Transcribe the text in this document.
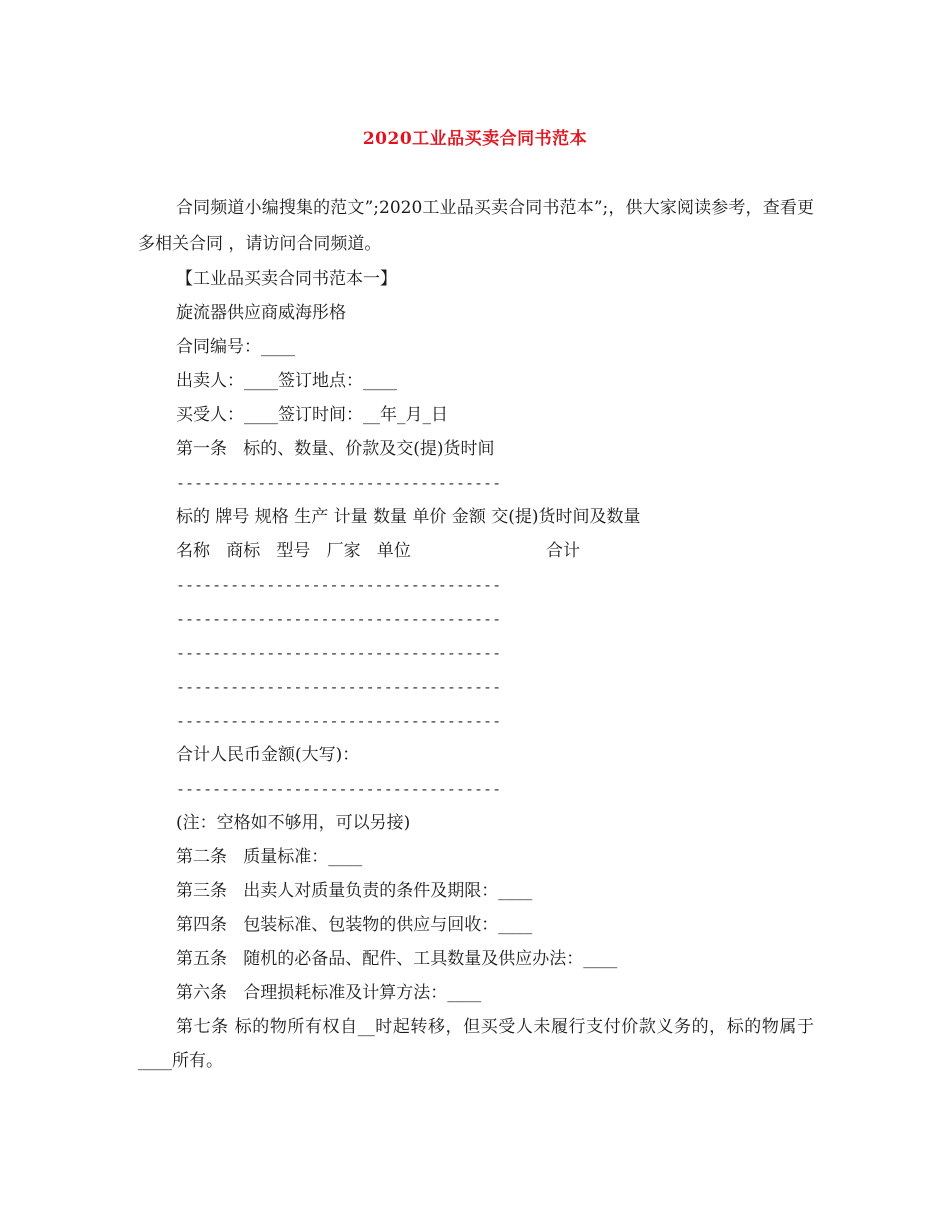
2020工业品买卖合同书范本
合同频道小编搜集的范文”;2020工业品买卖合同书范本”;，供大家阅读参考，查看更多相关合同 ，请访问合同频道。
【工业品买卖合同书范本一】
旋流器供应商威海彤格
合同编号：____
出卖人：____签订地点：____
买受人：____签订时间：__年_月_日
第一条   标的、数量、价款及交(提)货时间
------------------------------------
标的 牌号 规格 生产 计量 数量 单价 金额 交(提)货时间及数量
名称   商标   型号   厂家   单位                         合计
------------------------------------
------------------------------------
------------------------------------
------------------------------------
------------------------------------
合计人民币金额(大写)：
------------------------------------
(注：空格如不够用，可以另接)
第二条   质量标准：____
第三条   出卖人对质量负责的条件及期限：____
第四条   包装标准、包装物的供应与回收：____
第五条   随机的必备品、配件、工具数量及供应办法：____
第六条   合理损耗标准及计算方法：____
第七条 标的物所有权自__时起转移，但买受人未履行支付价款义务的，标的物属于____所有。
